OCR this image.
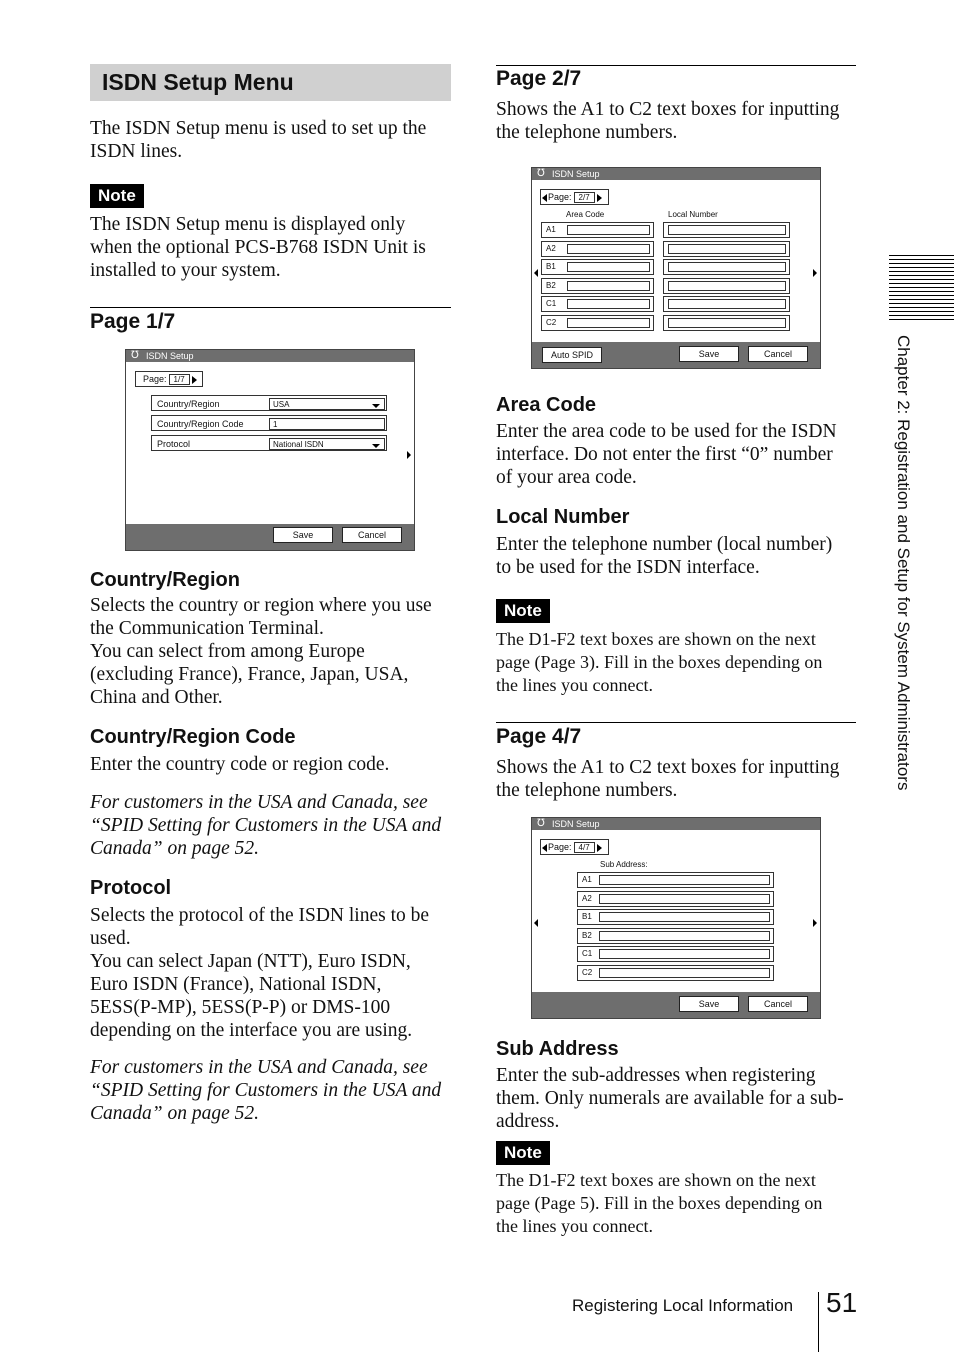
ISDN Setup Menu
The ISDN Setup menu is used to set up the
ISDN lines.
Note
The ISDN Setup menu is displayed only
when the optional PCS-B768 ISDN Unit is
installed to your system.
Page 1/7
℧ ISDN Setup
Page: 1/7
Country/Region	USA
Country/Region Code	1
Protocol	National ISDN
Save	Cancel
Country/Region
Selects the country or region where you use
the Communication Terminal.
You can select from among Europe
(excluding France), France, Japan, USA,
China and Other.
Country/Region Code
Enter the country code or region code.
For customers in the USA and Canada, see
“SPID Setting for Customers in the USA and
Canada” on page 52.
Protocol
Selects the protocol of the ISDN lines to be
used.
You can select Japan (NTT), Euro ISDN,
Euro ISDN (France), National ISDN,
5ESS(P-MP), 5ESS(P-P) or DMS-100
depending on the interface you are using.
For customers in the USA and Canada, see
“SPID Setting for Customers in the USA and
Canada” on page 52.
Page 2/7
Shows the A1 to C2 text boxes for inputting
the telephone numbers.
℧ ISDN Setup
Page: 2/7
Area Code	Local Number
A1
A2
B1
B2
C1
C2
Auto SPID	Save	Cancel
Area Code
Enter the area code to be used for the ISDN
interface. Do not enter the first “0” number
of your area code.
Local Number
Enter the telephone number (local number)
to be used for the ISDN interface.
Note
The D1-F2 text boxes are shown on the next
page (Page 3). Fill in the boxes depending on
the lines you connect.
Page 4/7
Shows the A1 to C2 text boxes for inputting
the telephone numbers.
℧ ISDN Setup
Page: 4/7
Sub Address:
A1
A2
B1
B2
C1
C2
Save	Cancel
Sub Address
Enter the sub-addresses when registering
them. Only numerals are available for a sub-
address.
Note
The D1-F2 text boxes are shown on the next
page (Page 5). Fill in the boxes depending on
the lines you connect.
Chapter 2: Registration and Setup for System Administrators
Registering Local Information 51
